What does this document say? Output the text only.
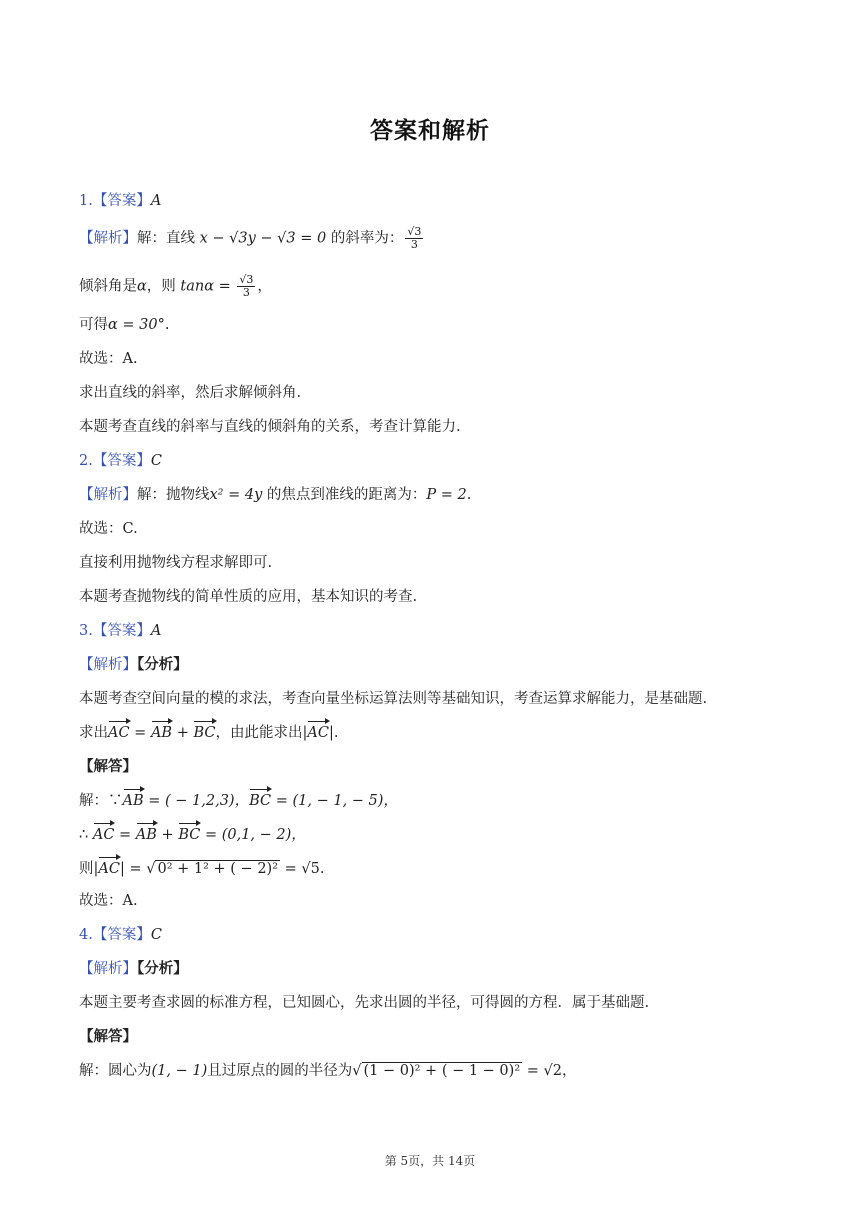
答案和解析
1.【答案】A
【解析】解：直线 x − √3y − √3 = 0 的斜率为： $\frac{√3}{3}$
倾斜角是α，则 $\tan\alpha = \frac{√3}{3}$ ，
可得α = 30°.
故选：A.
求出直线的斜率，然后求解倾斜角.
本题考查直线的斜率与直线的倾斜角的关系，考查计算能力.
2.【答案】C
【解析】解：抛物线x² = 4y 的焦点到准线的距离为：P = 2.
故选：C.
直接利用抛物线方程求解即可.
本题考查抛物线的简单性质的应用，基本知识的考查.
3.【答案】A
【解析】【分析】
本题考查空间向量的模的求法，考查向量坐标运算法则等基础知识，考查运算求解能力，是基础题.
求出AC = AB + BC，由此能求出|AC|.
【解答】
解：∵AB = ( − 1,2,3)，BC = (1, − 1, − 5)，
∴ AC = AB + BC = (0,1, − 2)，
则|AC| = √ 0² + 1² + ( − 2)² = √5.
故选：A.
4.【答案】C
【解析】【分析】
本题主要考查求圆的标准方程，已知圆心，先求出圆的半径，可得圆的方程．属于基础题.
【解答】
解：圆心为(1, − 1)且过原点的圆的半径为√ (1 − 0)² + ( − 1 − 0)² = √2，
第 5页，共 14页
